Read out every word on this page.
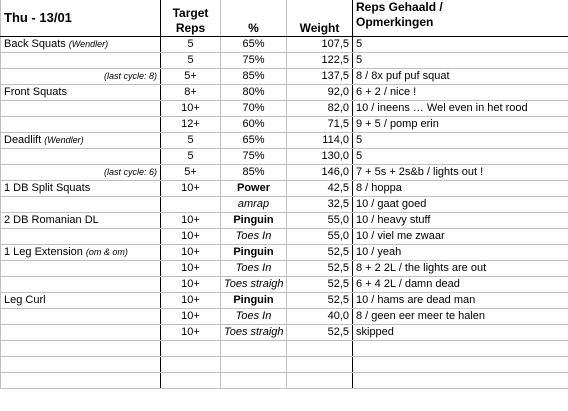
Thu - 13/01	Target
Reps	%	Weight	Reps Gehaald /
Opmerkingen

Back Squats (Wendler)	5	65%	107,5	5
	5	75%	122,5	5
(last cycle: 8)	5+	85%	137,5	8 / 8x puf puf squat
Front Squats	8+	80%	92,0	6 + 2 / nice !
	10+	70%	82,0	10 / ineens … Wel even in het rood
	12+	60%	71,5	9 + 5 / pomp erin
Deadlift (Wendler)	5	65%	114,0	5
	5	75%	130,0	5
(last cycle: 6)	5+	85%	146,0	7 + 5s + 2s&b / lights out !
1 DB Split Squats	10+	Power	42,5	8 / hoppa
		amrap	32,5	10 / gaat goed
2 DB Romanian DL	10+	Pinguin	55,0	10 / heavy stuff
	10+	Toes In	55,0	10 / viel me zwaar
1 Leg Extension (om & om)	10+	Pinguin	52,5	10 / yeah
	10+	Toes In	52,5	8 + 2 2L / the lights are out
	10+	Toes straigh	52,5	6 + 4 2L / damn dead
Leg Curl	10+	Pinguin	52,5	10 / hams are dead man
	10+	Toes In	40,0	8 / geen eer meer te halen
	10+	Toes straigh	52,5	skipped
